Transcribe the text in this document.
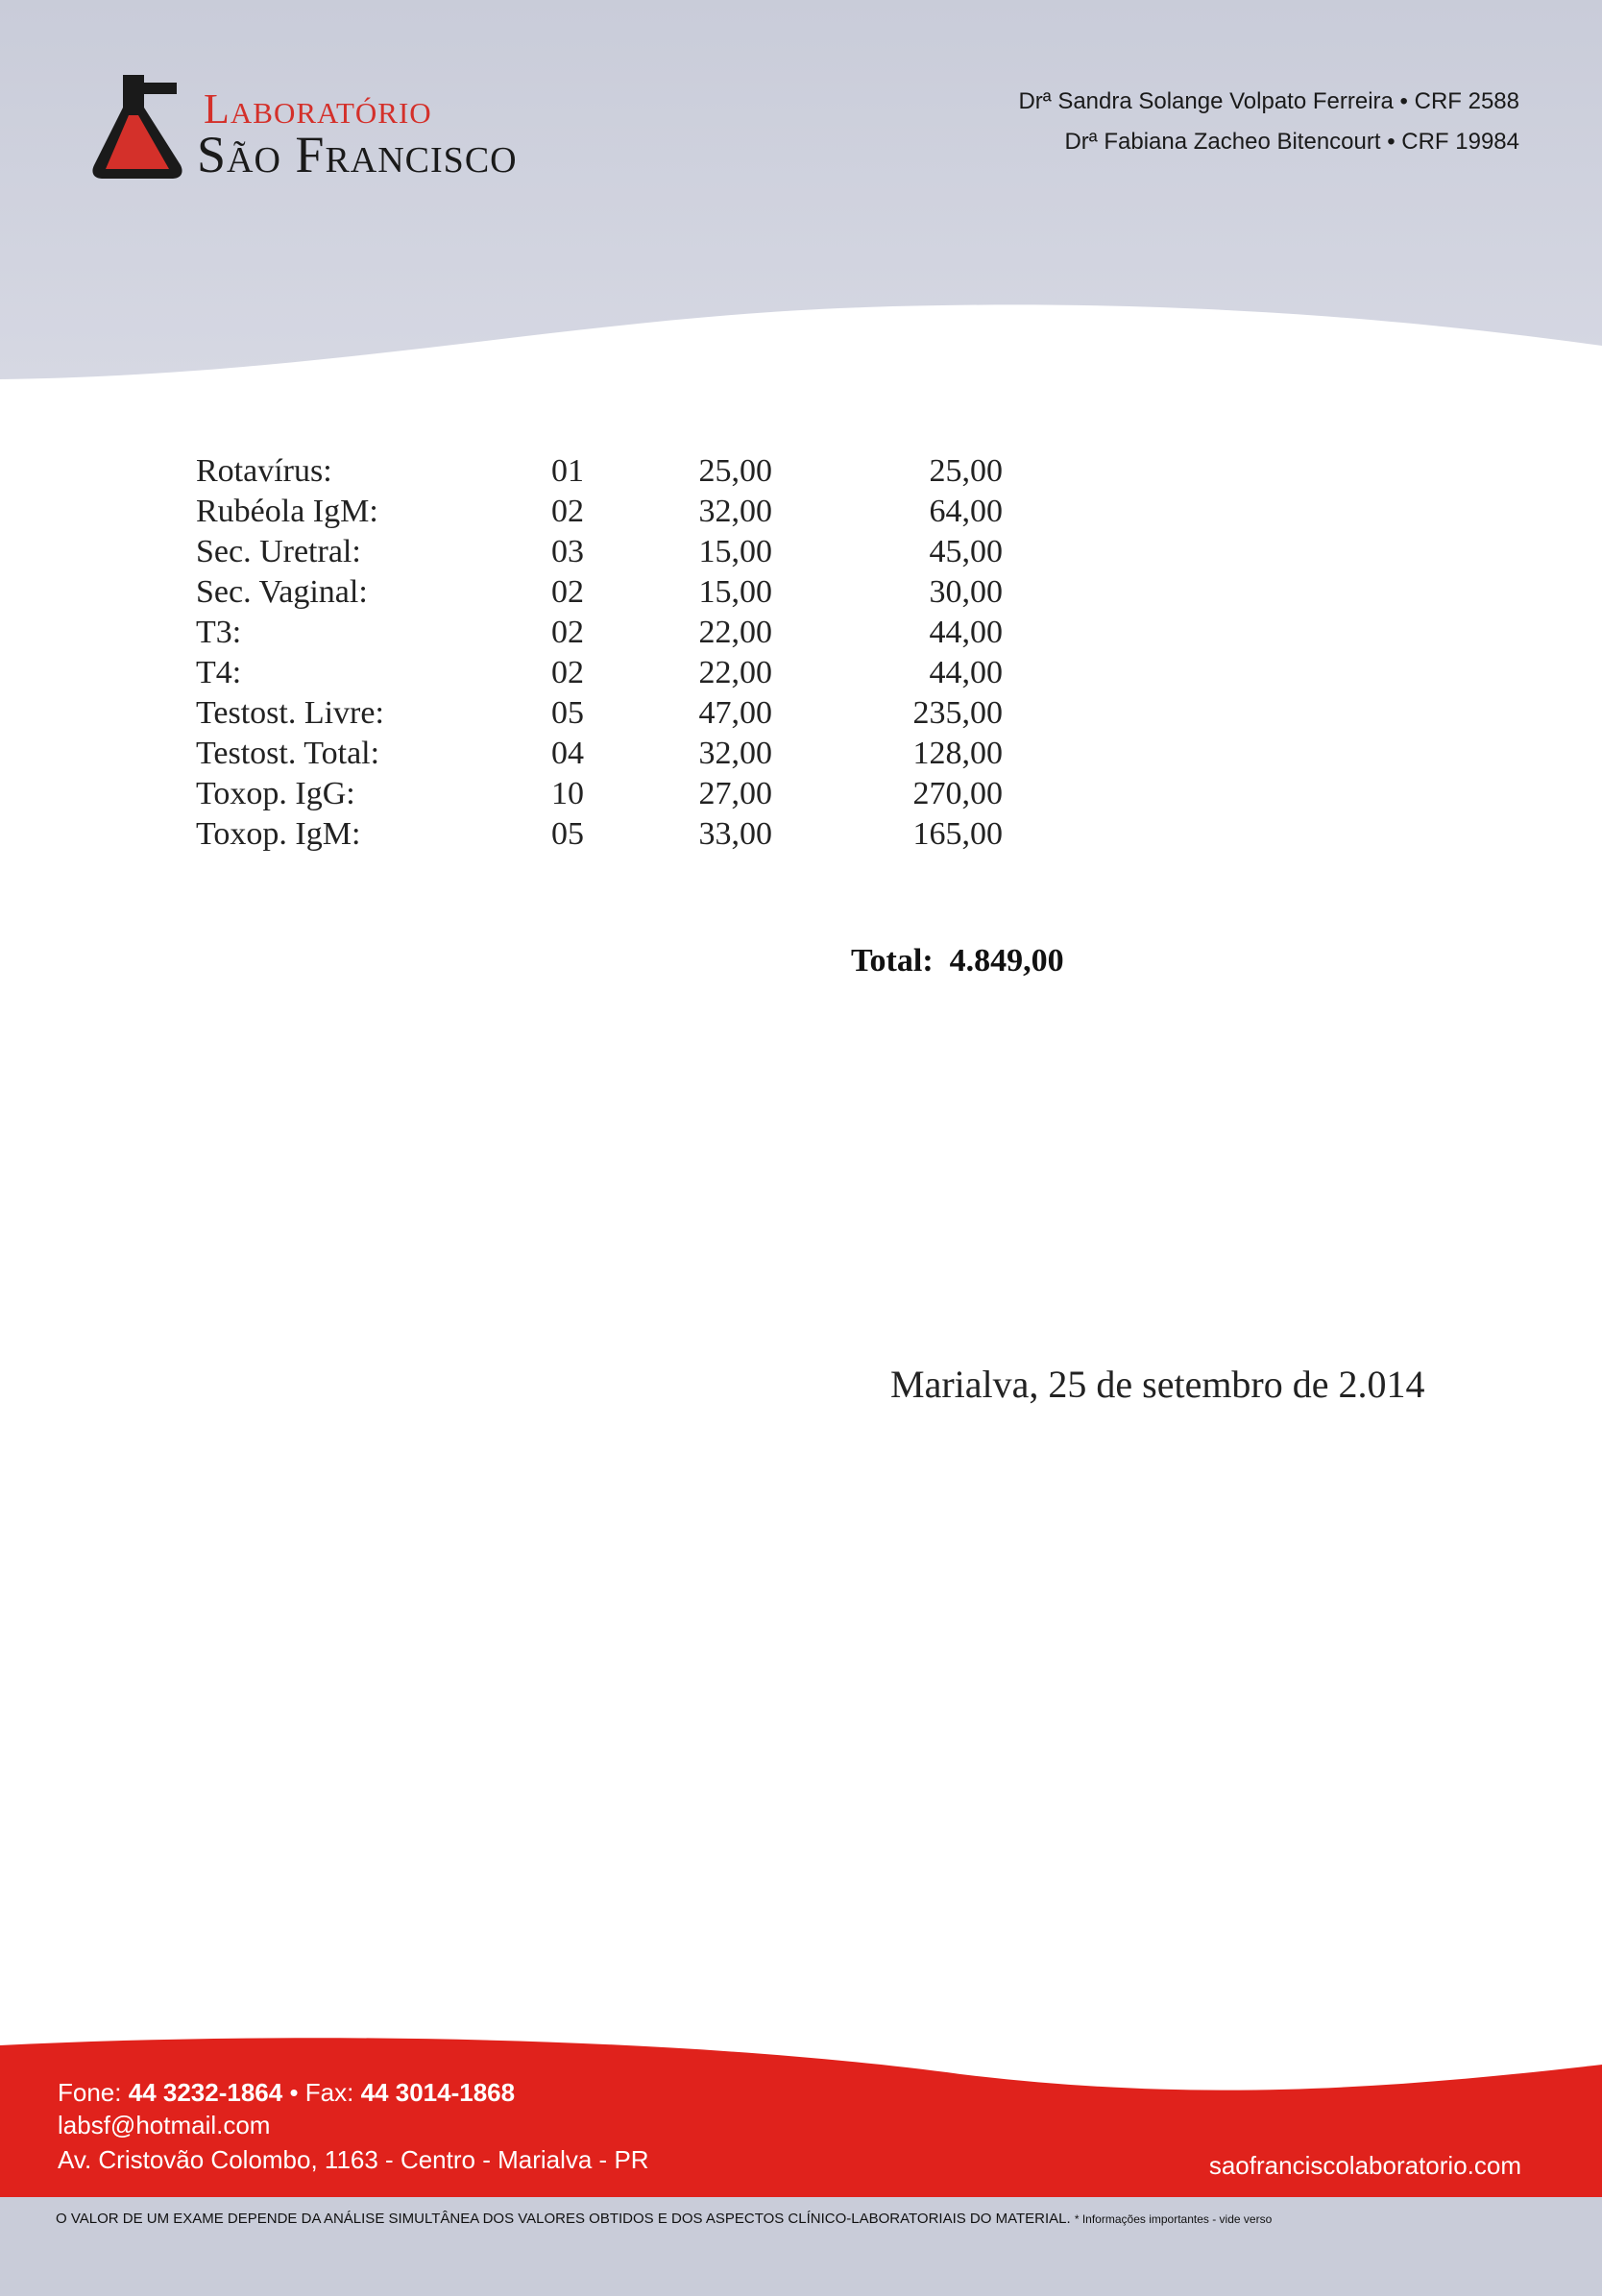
Laboratório
São Francisco
Drª Sandra Solange Volpato Ferreira • CRF 2588
Drª Fabiana Zacheo Bitencourt • CRF 19984
Rotavírus:	01	25,00	25,00
Rubéola IgM:	02	32,00	64,00
Sec. Uretral:	03	15,00	45,00
Sec. Vaginal:	02	15,00	30,00
T3:	02	22,00	44,00
T4:	02	22,00	44,00
Testost. Livre:	05	47,00	235,00
Testost. Total:	04	32,00	128,00
Toxop. IgG:	10	27,00	270,00
Toxop. IgM:	05	33,00	165,00
Total: 4.849,00
Marialva, 25 de setembro de 2.014
Fone: 44 3232-1864 • Fax: 44 3014-1868
labsf@hotmail.com
Av. Cristovão Colombo, 1163 - Centro - Marialva - PR	saofranciscolaboratorio.com
O VALOR DE UM EXAME DEPENDE DA ANÁLISE SIMULTÂNEA DOS VALORES OBTIDOS E DOS ASPECTOS CLÍNICO-LABORATORIAIS DO MATERIAL. * Informações importantes - vide verso
